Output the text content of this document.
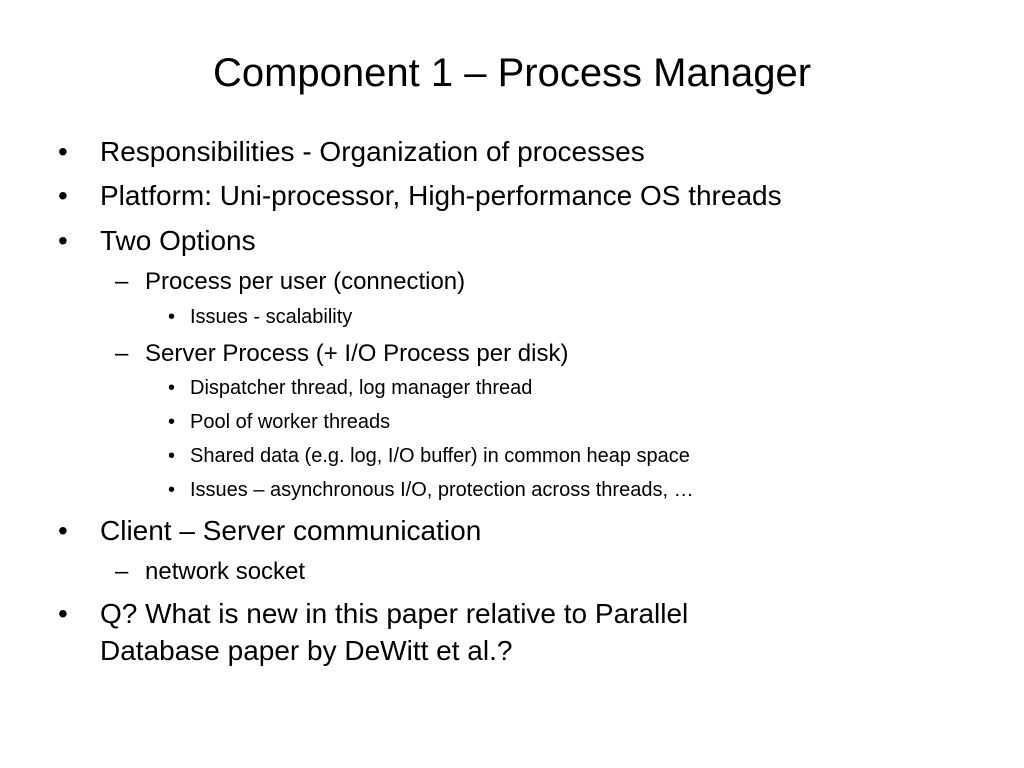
Component 1 – Process Manager
• Responsibilities - Organization of processes
• Platform: Uni-processor, High-performance OS threads
• Two Options
– Process per user (connection)
• Issues - scalability
– Server Process (+ I/O Process per disk)
• Dispatcher thread, log manager thread
• Pool of worker threads
• Shared data (e.g. log, I/O buffer) in common heap space
• Issues – asynchronous I/O, protection across threads, …
• Client – Server communication
– network socket
• Q? What is new in this paper relative to Parallel
Database paper by DeWitt et al.?
